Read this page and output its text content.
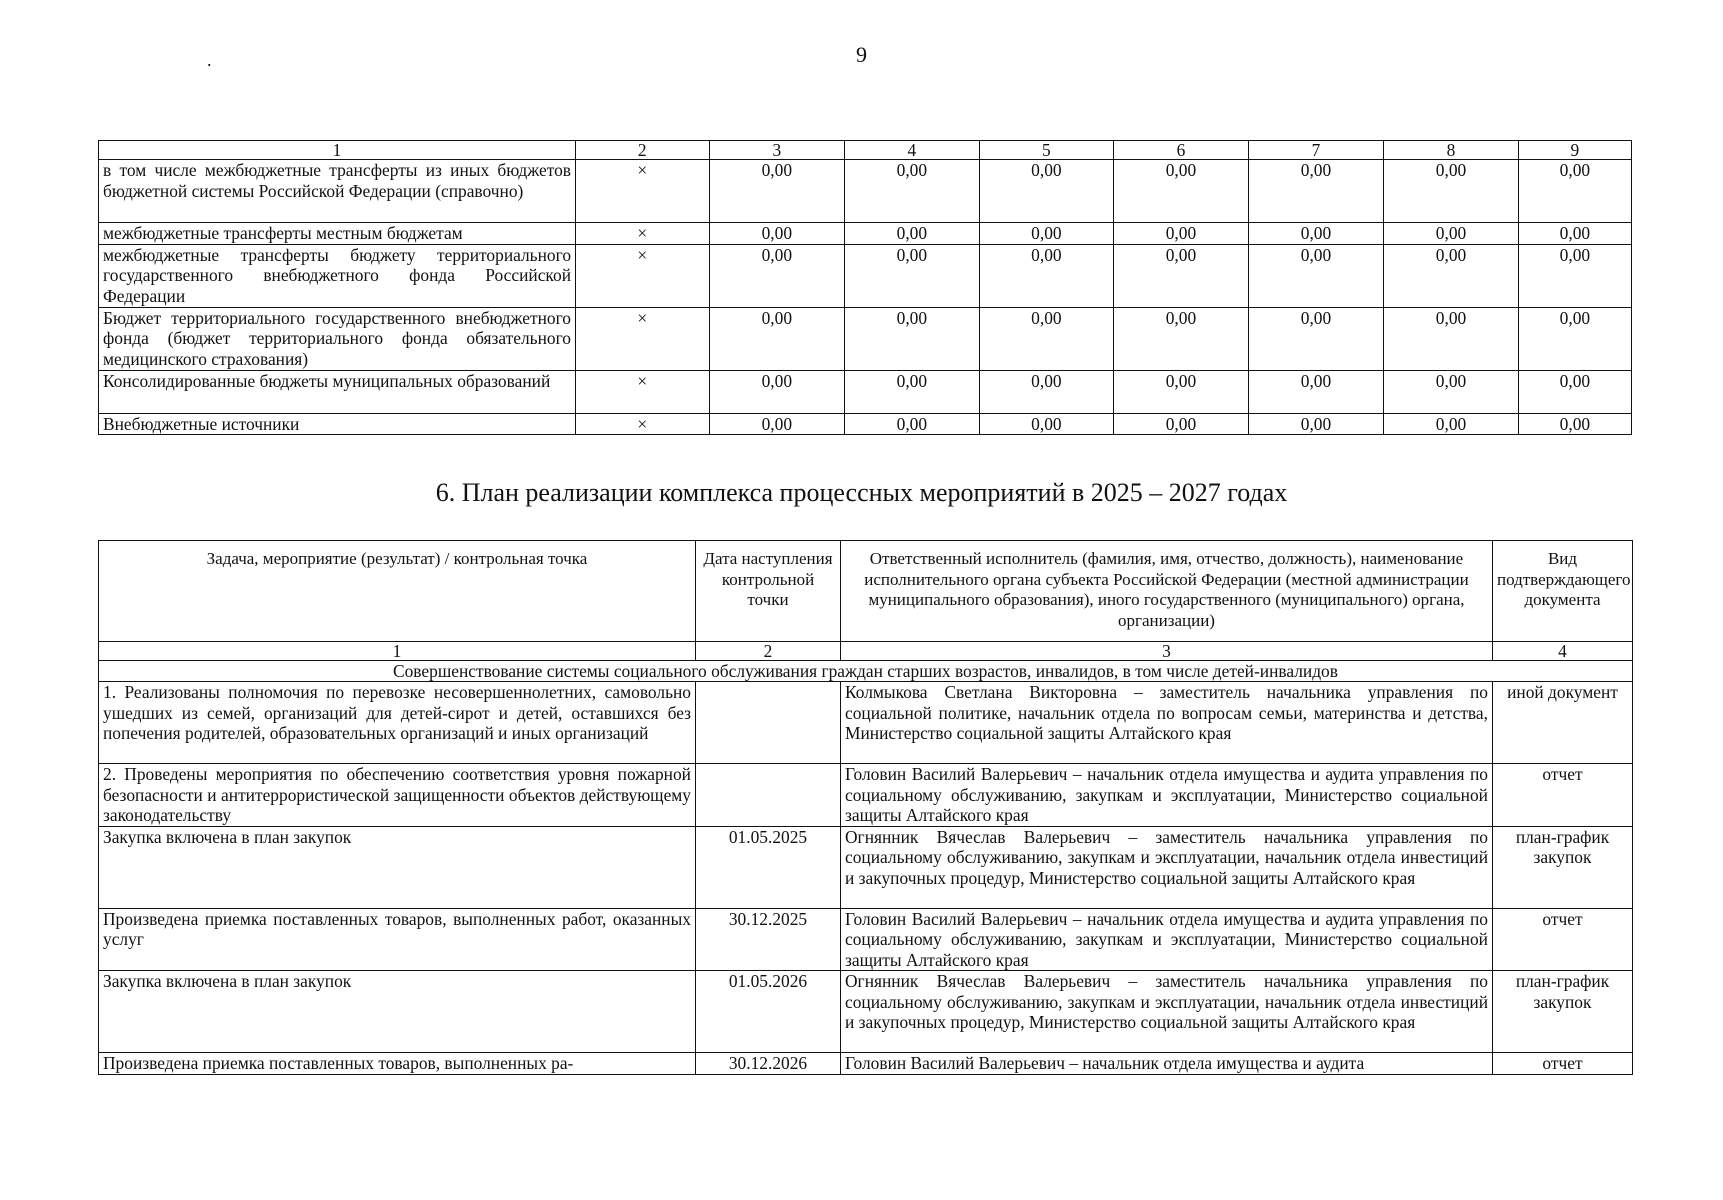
9
.
1	2	3	4	5	6	7	8	9
в том числе межбюджетные трансферты из иных бюджетов бюджетной системы Российской Федерации (справочно)	×	0,00	0,00	0,00	0,00	0,00	0,00	0,00
межбюджетные трансферты местным бюджетам	×	0,00	0,00	0,00	0,00	0,00	0,00	0,00
межбюджетные трансферты бюджету территориального государственного внебюджетного фонда Российской Федерации	×	0,00	0,00	0,00	0,00	0,00	0,00	0,00
Бюджет территориального государственного внебюджетного фонда (бюджет территориального фонда обязательного медицинского страхования)	×	0,00	0,00	0,00	0,00	0,00	0,00	0,00
Консолидированные бюджеты муниципальных образований	×	0,00	0,00	0,00	0,00	0,00	0,00	0,00
Внебюджетные источники	×	0,00	0,00	0,00	0,00	0,00	0,00	0,00
6. План реализации комплекса процессных мероприятий в 2025 – 2027 годах
Задача, мероприятие (результат) / контрольная точка	Дата наступления контрольной точки	Ответственный исполнитель (фамилия, имя, отчество, должность), наименование исполнительного органа субъекта Российской Федерации (местной администрации муниципального образования), иного государственного (муниципального) органа, организации)	Вид подтверждающего документа
1	2	3	4
Совершенствование системы социального обслуживания граждан старших возрастов, инвалидов, в том числе детей-инвалидов			
1. Реализованы полномочия по перевозке несовершеннолетних, самовольно ушедших из семей, организаций для детей-сирот и детей, оставшихся без попечения родителей, образовательных организаций и иных организаций		Колмыкова Светлана Викторовна – заместитель начальника управления по социальной политике, начальник отдела по вопросам семьи, материнства и детства, Министерство социальной защиты Алтайского края	иной документ
2. Проведены мероприятия по обеспечению соответствия уровня пожарной безопасности и антитеррористической защищенности объектов действующему законодательству		Головин Василий Валерьевич – начальник отдела имущества и аудита управления по социальному обслуживанию, закупкам и эксплуатации, Министерство социальной защиты Алтайского края	отчет
Закупка включена в план закупок	01.05.2025	Огнянник Вячеслав Валерьевич – заместитель начальника управления по социальному обслуживанию, закупкам и эксплуатации, начальник отдела инвестиций и закупочных процедур, Министерство социальной защиты Алтайского края	план-график закупок
Произведена приемка поставленных товаров, выполненных работ, оказанных услуг	30.12.2025	Головин Василий Валерьевич – начальник отдела имущества и аудита управления по социальному обслуживанию, закупкам и эксплуатации, Министерство социальной защиты Алтайского края	отчет
Закупка включена в план закупок	01.05.2026	Огнянник Вячеслав Валерьевич – заместитель начальника управления по социальному обслуживанию, закупкам и эксплуатации, начальник отдела инвестиций и закупочных процедур, Министерство социальной защиты Алтайского края	план-график закупок
Произведена приемка поставленных товаров, выполненных ра-	30.12.2026	Головин Василий Валерьевич – начальник отдела имущества и аудита	отчет
